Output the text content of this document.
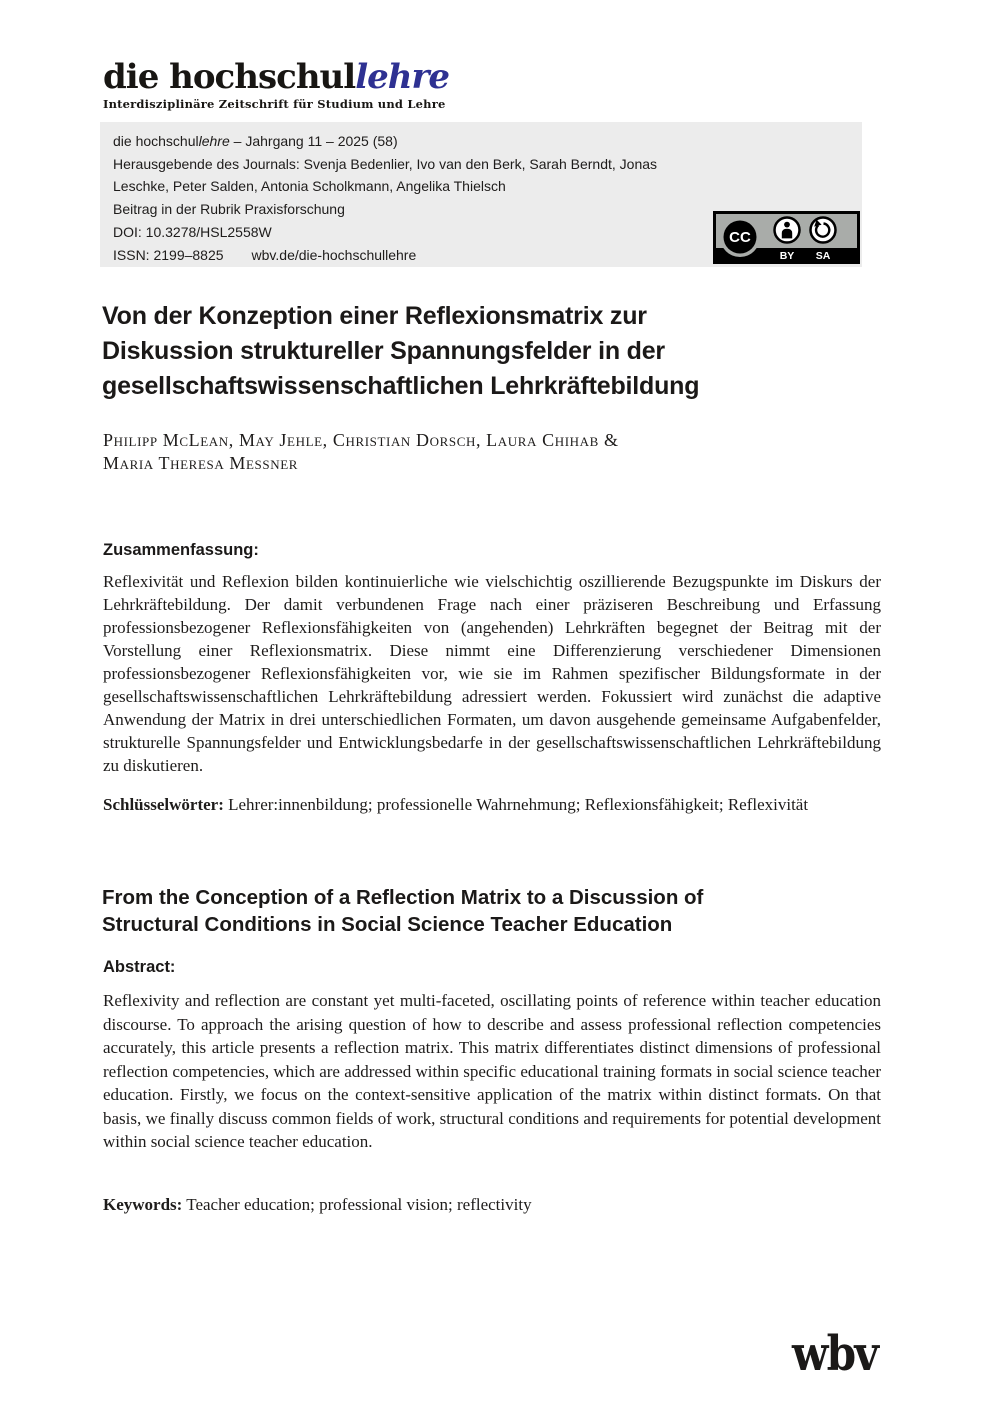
die hochschullehre
Interdisziplinäre Zeitschrift für Studium und Lehre

die hochschullehre – Jahrgang 11 – 2025 (58)

Herausgebende des Journals: Svenja Bedenlier, Ivo van den Berk, Sarah Berndt, Jonas Leschke, Peter Salden, Antonia Scholkmann, Angelika Thielsch

Beitrag in der Rubrik Praxisforschung

DOI: 10.3278/HSL2558W

ISSN: 2199–8825 wbv.de/die-hochschullehre

CC
BY SA
Von der Konzeption einer Reflexionsmatrix zur
Diskussion struktureller Spannungsfelder in der
gesellschaftswissenschaftlichen Lehrkräftebildung
Philipp McLean, May Jehle, Christian Dorsch, Laura Chihab &
Maria Theresa Messner
Zusammenfassung:
Reflexivität und Reflexion bilden kontinuierliche wie vielschichtig oszillierende Bezugspunkte im Diskurs der Lehrkräftebildung. Der damit verbundenen Frage nach einer präziseren Beschreibung und Erfassung professionsbezogener Reflexionsfähigkeiten von (angehenden) Lehrkräften begegnet der Beitrag mit der Vorstellung einer Reflexionsmatrix. Diese nimmt eine Differenzierung verschiedener Dimensionen professionsbezogener Reflexionsfähigkeiten vor, wie sie im Rahmen spezifischer Bildungsformate in der gesellschaftswissenschaftlichen Lehrkräftebildung adressiert werden. Fokussiert wird zunächst die adaptive Anwendung der Matrix in drei unterschiedlichen Formaten, um davon ausgehende gemeinsame Aufgabenfelder, strukturelle Spannungsfelder und Entwicklungsbedarfe in der gesellschaftswissenschaftlichen Lehrkräftebildung zu diskutieren.
Schlüsselwörter: Lehrer:innenbildung; professionelle Wahrnehmung; Reflexionsfähigkeit; Reflexivität
From the Conception of a Reflection Matrix to a Discussion of
Structural Conditions in Social Science Teacher Education
Abstract:
Reflexivity and reflection are constant yet multi-faceted, oscillating points of reference within teacher education discourse. To approach the arising question of how to describe and assess professional reflection competencies accurately, this article presents a reflection matrix. This matrix differentiates distinct dimensions of professional reflection competencies, which are addressed within specific educational training formats in social science teacher education. Firstly, we focus on the context-sensitive application of the matrix within distinct formats. On that basis, we finally discuss common fields of work, structural conditions and requirements for potential development within social science teacher education.
Keywords: Teacher education; professional vision; reflectivity
wbv
